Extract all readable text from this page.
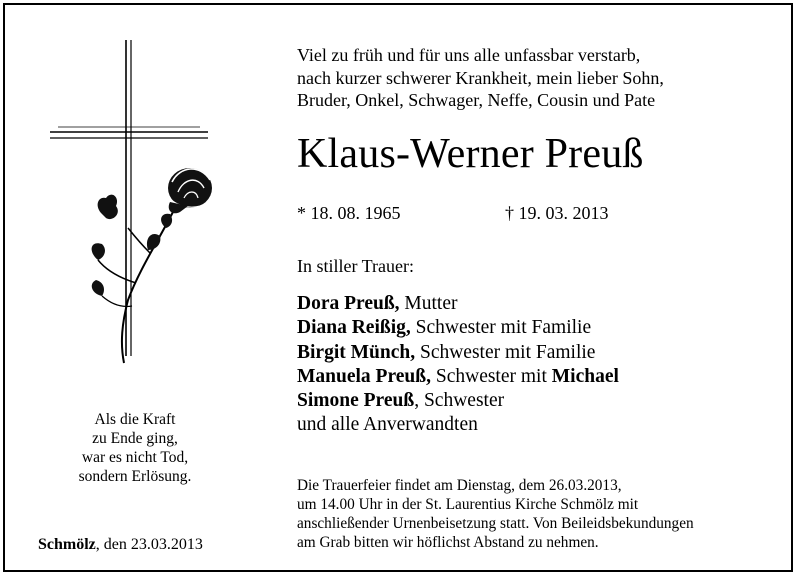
Als die Kraft
zu Ende ging,
war es nicht Tod,
sondern Erlösung.
Schmölz, den 23.03.2013
Viel zu früh und für uns alle unfassbar verstarb,
nach kurzer schwerer Krankheit, mein lieber Sohn,
Bruder, Onkel, Schwager, Neffe, Cousin und Pate
Klaus-Werner Preuß
* 18. 08. 1965	† 19. 03. 2013
In stiller Trauer:
Dora Preuß, Mutter
Diana Reißig, Schwester mit Familie
Birgit Münch, Schwester mit Familie
Manuela Preuß, Schwester mit Michael
Simone Preuß, Schwester
und alle Anverwandten
Die Trauerfeier findet am Dienstag, dem 26.03.2013,
um 14.00 Uhr in der St. Laurentius Kirche Schmölz mit
anschließender Urnenbeisetzung statt. Von Beileidsbekundungen
am Grab bitten wir höflichst Abstand zu nehmen.
